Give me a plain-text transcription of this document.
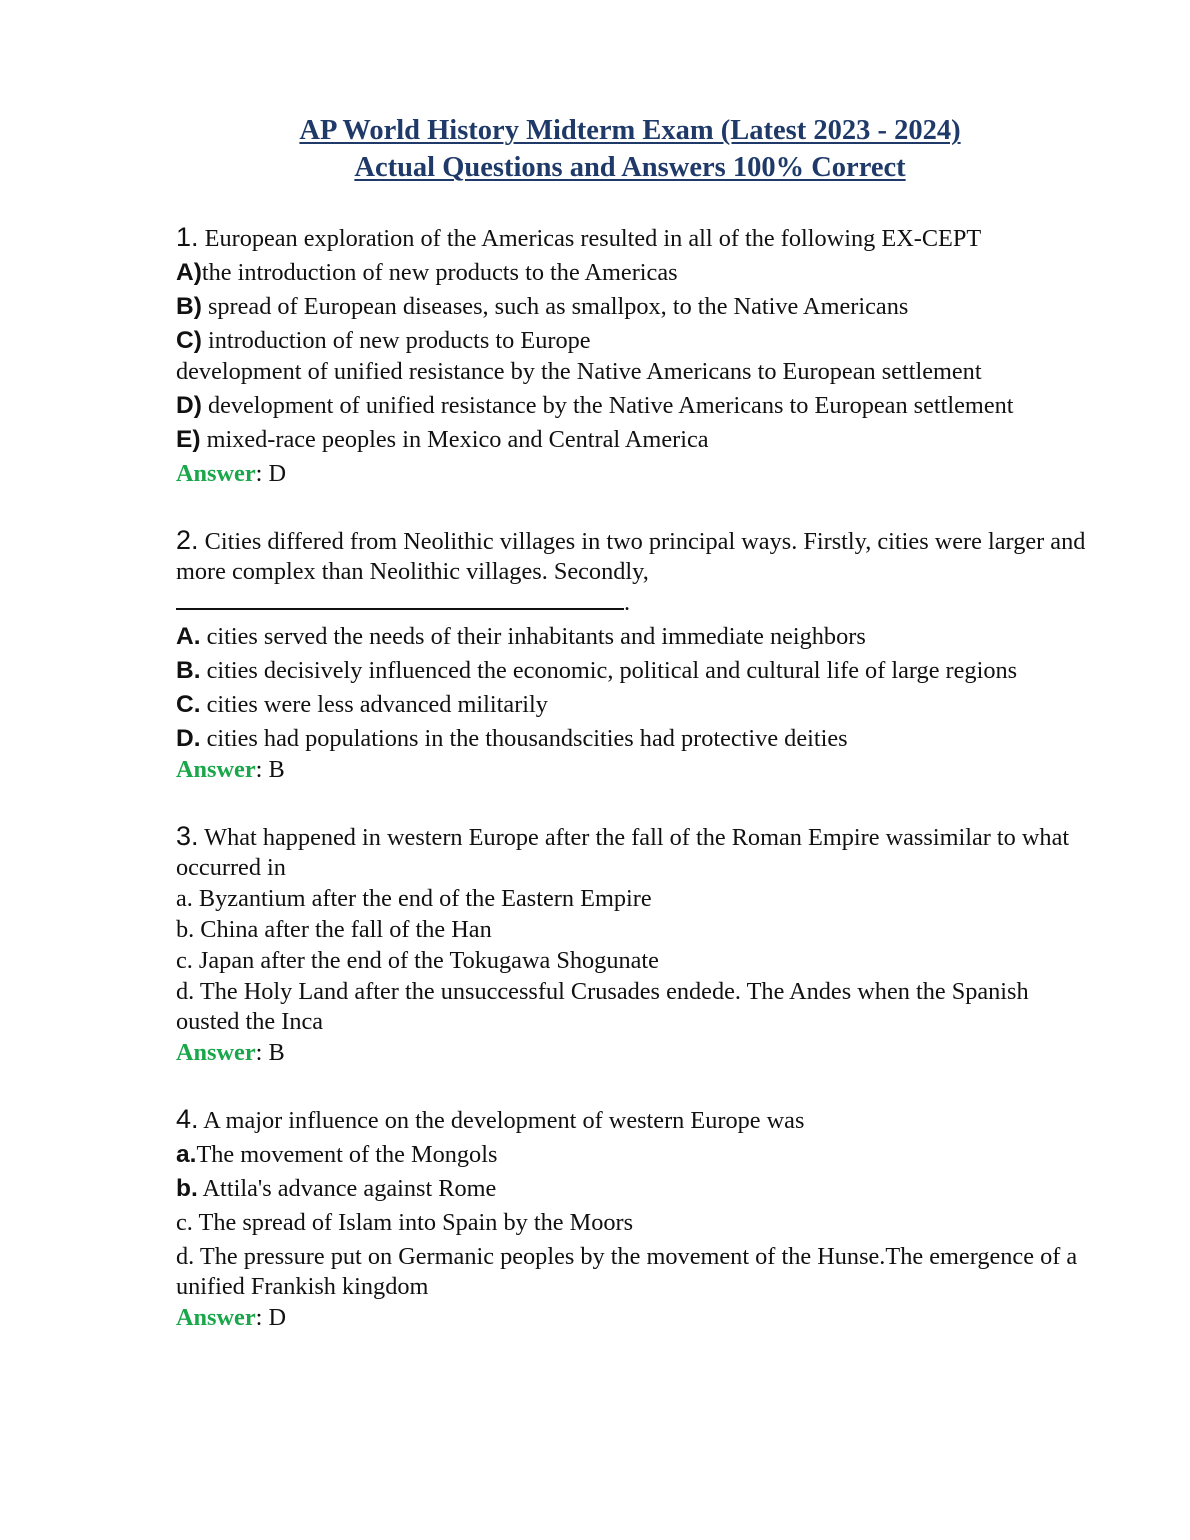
AP World History Midterm Exam (Latest 2023 - 2024)
Actual Questions and Answers 100% Correct

1. European exploration of the Americas resulted in all of the following EX-CEPT

A)the introduction of new products to the Americas

B) spread of European diseases, such as smallpox, to the Native Americans

C) introduction of new products to Europe

development of unified resistance by the Native Americans to European settlement

D) development of unified resistance by the Native Americans to European settlement

E) mixed-race peoples in Mexico and Central America

Answer: D

2. Cities differed from Neolithic villages in two principal ways. Firstly, cities were larger and more complex than Neolithic villages. Secondly,

.

A. cities served the needs of their inhabitants and immediate neighbors

B. cities decisively influenced the economic, political and cultural life of large regions

C. cities were less advanced militarily

D. cities had populations in the thousandscities had protective deities

Answer: B

3. What happened in western Europe after the fall of the Roman Empire wassimilar to what occurred in

a. Byzantium after the end of the Eastern Empire

b. China after the fall of the Han

c. Japan after the end of the Tokugawa Shogunate

d. The Holy Land after the unsuccessful Crusades endede. The Andes when the Spanish ousted the Inca

Answer: B

4. A major influence on the development of western Europe was

a.The movement of the Mongols

b. Attila's advance against Rome

c. The spread of Islam into Spain by the Moors

d. The pressure put on Germanic peoples by the movement of the Hunse.The emergence of a unified Frankish kingdom

Answer: D
